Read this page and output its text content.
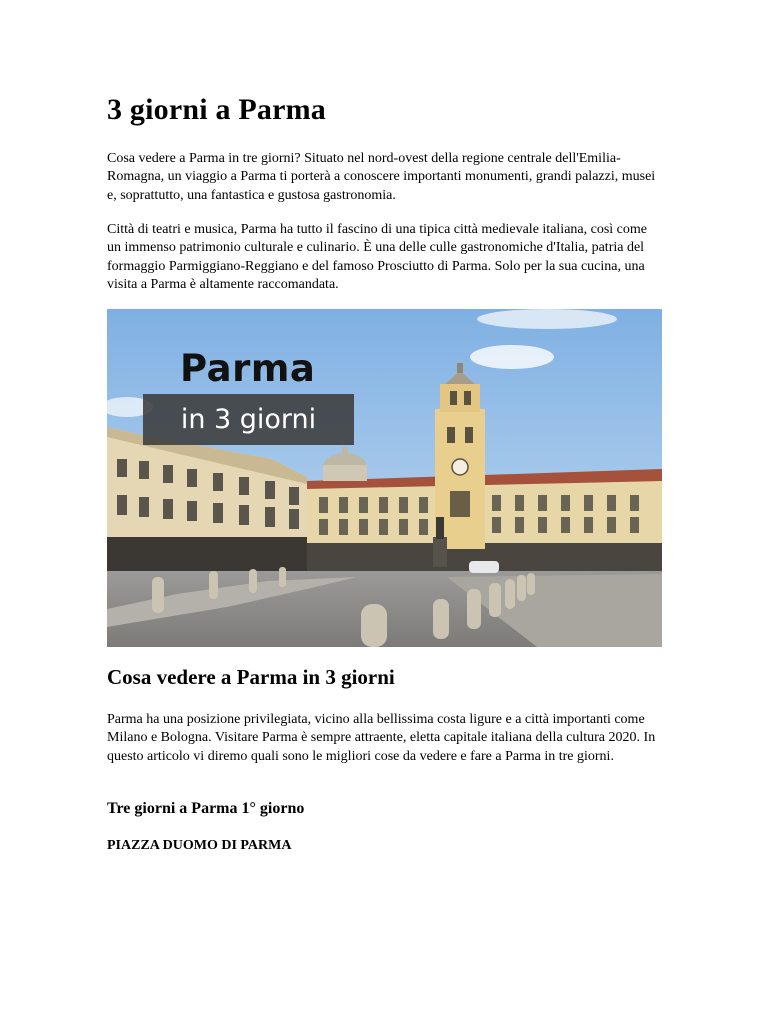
3 giorni a Parma

Cosa vedere a Parma in tre giorni? Situato nel nord-ovest della regione centrale dell'Emilia-Romagna, un viaggio a Parma ti porterà a conoscere importanti monumenti, grandi palazzi, musei e, soprattutto, una fantastica e gustosa gastronomia.

Città di teatri e musica, Parma ha tutto il fascino di una tipica città medievale italiana, così come un immenso patrimonio culturale e culinario. È una delle culle gastronomiche d'Italia, patria del formaggio Parmiggiano-Reggiano e del famoso Prosciutto di Parma. Solo per la sua cucina, una visita a Parma è altamente raccomandata.

Parma
in 3 giorni
Cosa vedere a Parma in 3 giorni

Parma ha una posizione privilegiata, vicino alla bellissima costa ligure e a città importanti come Milano e Bologna. Visitare Parma è sempre attraente, eletta capitale italiana della cultura 2020. In questo articolo vi diremo quali sono le migliori cose da vedere e fare a Parma in tre giorni.

Tre giorni a Parma 1° giorno
PIAZZA DUOMO DI PARMA
